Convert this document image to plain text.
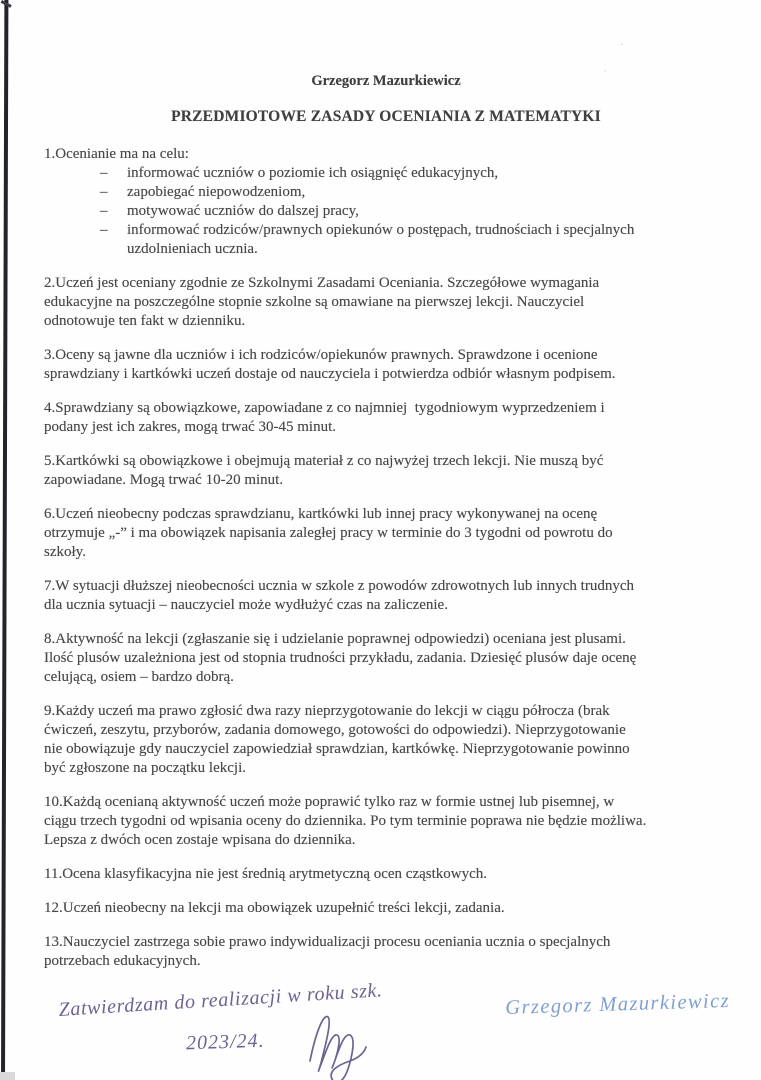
·
·
Grzegorz Mazurkiewicz
PRZEDMIOTOWE ZASADY OCENIANIA Z MATEMATYKI
1.Ocenianie ma na celu:
–	informować uczniów o poziomie ich osiągnięć edukacyjnych,
–	zapobiegać niepowodzeniom,
–	motywować uczniów do dalszej pracy,
–	informować rodziców/prawnych opiekunów o postępach, trudnościach i specjalnych
uzdolnieniach ucznia.
2.Uczeń jest oceniany zgodnie ze Szkolnymi Zasadami Oceniania. Szczegółowe wymagania
edukacyjne na poszczególne stopnie szkolne są omawiane na pierwszej lekcji. Nauczyciel
odnotowuje ten fakt w dzienniku.
3.Oceny są jawne dla uczniów i ich rodziców/opiekunów prawnych. Sprawdzone i ocenione
sprawdziany i kartkówki uczeń dostaje od nauczyciela i potwierdza odbiór własnym podpisem.
4.Sprawdziany są obowiązkowe, zapowiadane z co najmniej  tygodniowym wyprzedzeniem i
podany jest ich zakres, mogą trwać 30-45 minut.
5.Kartkówki są obowiązkowe i obejmują materiał z co najwyżej trzech lekcji. Nie muszą być
zapowiadane. Mogą trwać 10-20 minut.
6.Uczeń nieobecny podczas sprawdzianu, kartkówki lub innej pracy wykonywanej na ocenę
otrzymuje „-” i ma obowiązek napisania zaległej pracy w terminie do 3 tygodni od powrotu do
szkoły.
7.W sytuacji dłuższej nieobecności ucznia w szkole z powodów zdrowotnych lub innych trudnych
dla ucznia sytuacji – nauczyciel może wydłużyć czas na zaliczenie.
8.Aktywność na lekcji (zgłaszanie się i udzielanie poprawnej odpowiedzi) oceniana jest plusami.
Ilość plusów uzależniona jest od stopnia trudności przykładu, zadania. Dziesięć plusów daje ocenę
celującą, osiem – bardzo dobrą.
9.Każdy uczeń ma prawo zgłosić dwa razy nieprzygotowanie do lekcji w ciągu półrocza (brak
ćwiczeń, zeszytu, przyborów, zadania domowego, gotowości do odpowiedzi). Nieprzygotowanie
nie obowiązuje gdy nauczyciel zapowiedział sprawdzian, kartkówkę. Nieprzygotowanie powinno
być zgłoszone na początku lekcji.
10.Każdą ocenianą aktywność uczeń może poprawić tylko raz w formie ustnej lub pisemnej, w
ciągu trzech tygodni od wpisania oceny do dziennika. Po tym terminie poprawa nie będzie możliwa.
Lepsza z dwóch ocen zostaje wpisana do dziennika.
11.Ocena klasyfikacyjna nie jest średnią arytmetyczną ocen cząstkowych.
12.Uczeń nieobecny na lekcji ma obowiązek uzupełnić treści lekcji, zadania.
13.Nauczyciel zastrzega sobie prawo indywidualizacji procesu oceniania ucznia o specjalnych
potrzebach edukacyjnych.
Zatwierdzam do realizacji w roku szk.
2023/24.
Grzegorz Mazurkiewicz
